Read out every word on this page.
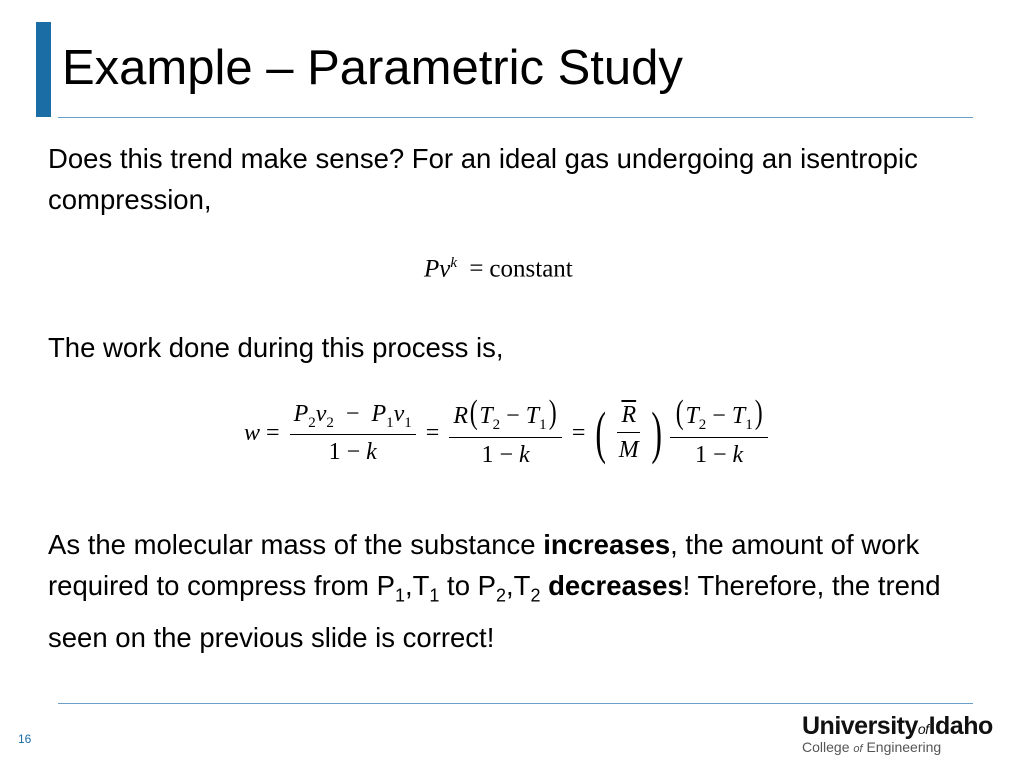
Example – Parametric Study
Does this trend make sense? For an ideal gas undergoing an isentropic compression,
$Pv^k$ = constant
The work done during this process is,
$w = \frac{P_2v_2 - P_1v_1}{1 - k} = \frac{R(T_2 - T_1)}{1 - k}$ = ( $\frac{\overline{R}}{M}$ ) $\frac{(T_2 - T_1)}{1 - k}$
As the molecular mass of the substance increases, the amount of work required to compress from $P_1,T_1$ to $P_2,T_2$ decreases! Therefore, the trend seen on the previous slide is correct!
16	UniversityofIdaho
College of Engineering
